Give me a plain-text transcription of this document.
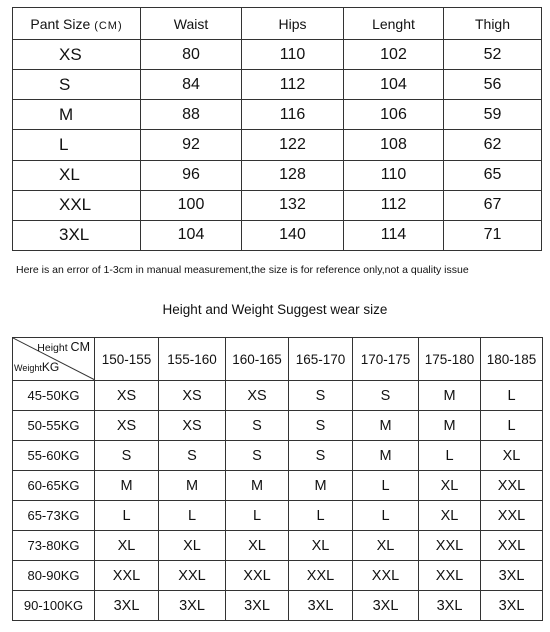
Pant Size (CM)	Waist	Hips	Lenght	Thigh
XS	80	110	102	52
S	84	112	104	56
M	88	116	106	59
L	92	122	108	62
XL	96	128	110	65
XXL	100	132	112	67
3XL	104	140	114	71
Here is an error of 1-3cm in manual measurement,the size is for reference only,not a quality issue
Height and Weight Suggest wear size
Height CM
WeightKG	150-155	155-160	160-165	165-170	170-175	175-180	180-185
45-50KG	XS	XS	XS	S	S	M	L
50-55KG	XS	XS	S	S	M	M	L
55-60KG	S	S	S	S	M	L	XL
60-65KG	M	M	M	M	L	XL	XXL
65-73KG	L	L	L	L	L	XL	XXL
73-80KG	XL	XL	XL	XL	XL	XXL	XXL
80-90KG	XXL	XXL	XXL	XXL	XXL	XXL	3XL
90-100KG	3XL	3XL	3XL	3XL	3XL	3XL	3XL
